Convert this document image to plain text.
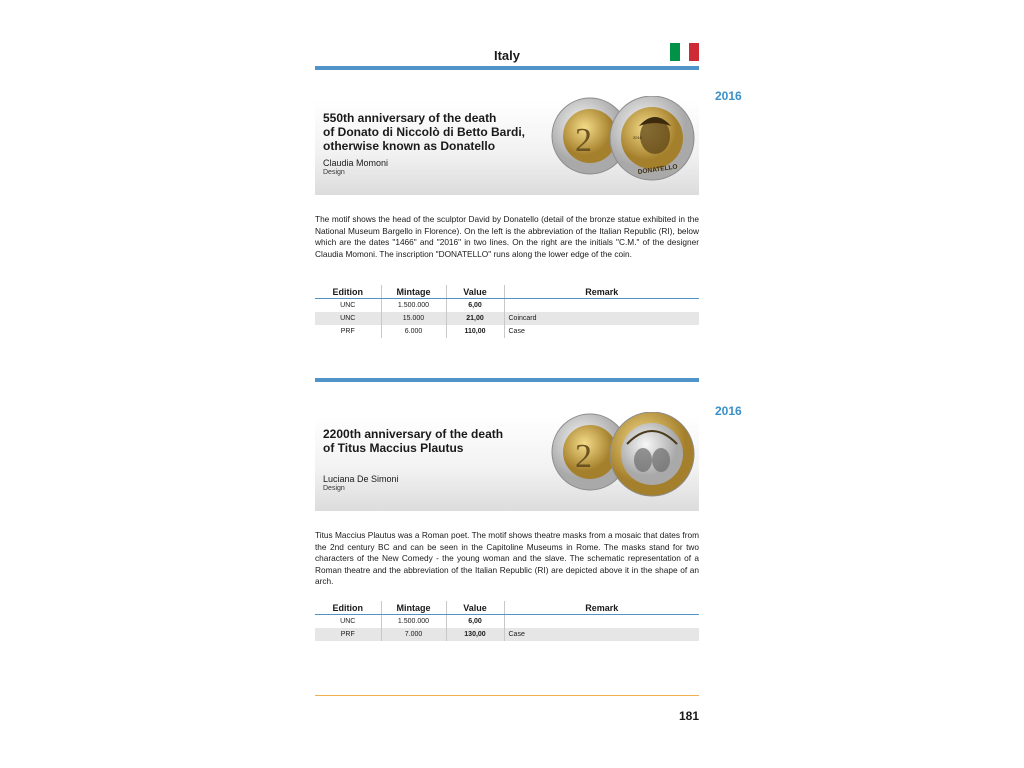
Italy
2016
550th anniversary of the death
of Donato di Niccolò di Betto Bardi,
otherwise known as Donatello
Claudia Momoni
Design
2
DONATELLO
2016

The motif shows the head of the sculptor David by Donatello (detail of the bronze statue exhibited in the National Museum Bargello in Florence). On the left is the abbreviation of the Italian Republic (RI), below which are the dates "1466" and "2016" in two lines. On the right are the initials "C.M." of the designer Claudia Momoni. The inscription "DONATELLO" runs along the lower edge of the coin.

Edition	Mintage	Value	Remark
UNC	1.500.000	6,00	
UNC	15.000	21,00	Coincard
PRF	6.000	110,00	Case
2016
2200th anniversary of the death
of Titus Maccius Plautus
Luciana De Simoni
Design
2

Titus Maccius Plautus was a Roman poet. The motif shows theatre masks from a mosaic that dates from the 2nd century BC and can be seen in the Capitoline Museums in Rome. The masks stand for two characters of the New Comedy - the young woman and the slave. The schematic representation of a Roman theatre and the abbreviation of the Italian Republic (RI) are depicted above it in the shape of an arch.

Edition	Mintage	Value	Remark
UNC	1.500.000	6,00	
PRF	7.000	130,00	Case
181
